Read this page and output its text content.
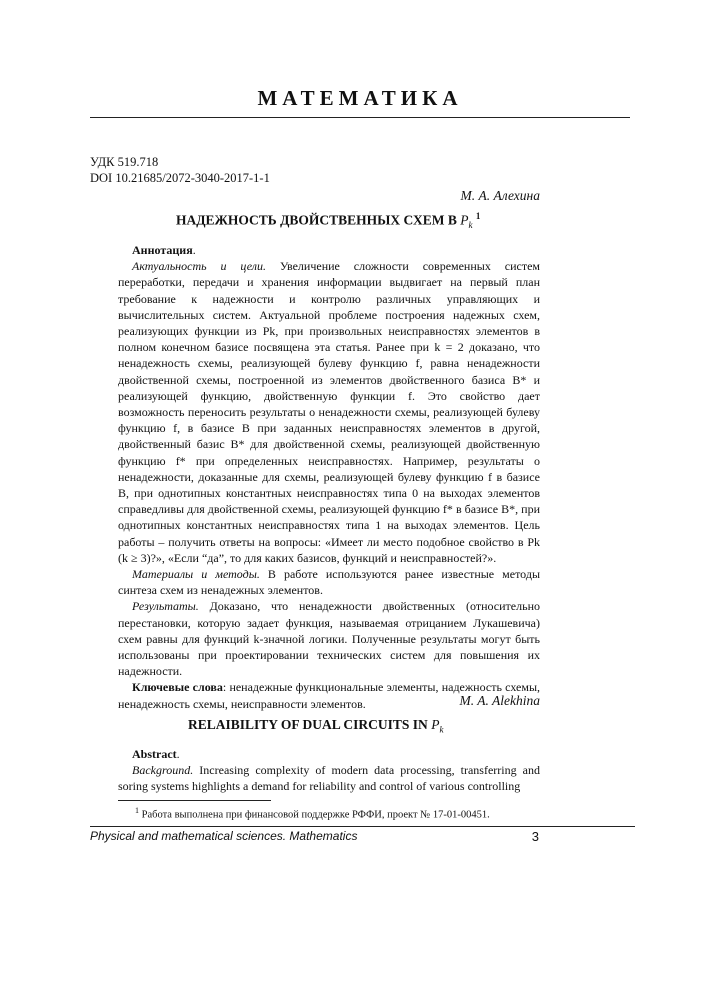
МАТЕМАТИКА
УДК 519.718
DOI 10.21685/2072-3040-2017-1-1
М. А. Алехина
НАДЕЖНОСТЬ ДВОЙСТВЕННЫХ СХЕМ В $P_k$ $^1$

Аннотация.

Актуальность и цели. Увеличение сложности современных систем переработки, передачи и хранения информации выдвигает на первый план требование к надежности и контролю различных управляющих и вычислительных систем. Актуальной проблеме построения надежных схем, реализующих функции из Pk, при произвольных неисправностях элементов в полном конечном базисе посвящена эта статья. Ранее при k = 2 доказано, что ненадежность схемы, реализующей булеву функцию f, равна ненадежности двойственной схемы, построенной из элементов двойственного базиса B* и реализующей функцию, двойственную функции f. Это свойство дает возможность переносить результаты о ненадежности схемы, реализующей булеву функцию f, в базисе B при заданных неисправностях элементов в другой, двойственный базис B* для двойственной схемы, реализующей двойственную функцию f* при определенных неисправностях. Например, результаты о ненадежности, доказанные для схемы, реализующей булеву функцию f в базисе B, при однотипных константных неисправностях типа 0 на выходах элементов справедливы для двойственной схемы, реализующей функцию f* в базисе B*, при однотипных константных неисправностях типа 1 на выходах элементов. Цель работы – получить ответы на вопросы: «Имеет ли место подобное свойство в Pk (k ≥ 3)?», «Если “да”, то для каких базисов, функций и неисправностей?».

Материалы и методы. В работе используются ранее известные методы синтеза схем из ненадежных элементов.

Результаты. Доказано, что ненадежности двойственных (относительно перестановки, которую задает функция, называемая отрицанием Лукашевича) схем равны для функций k-значной логики. Полученные результаты могут быть использованы при проектировании технических систем для повышения их надежности.

Ключевые слова: ненадежные функциональные элементы, надежность схемы, ненадежность схемы, неисправности элементов.	M. A. Alekhina
RELAIBILITY OF DUAL CIRCUITS IN $P_k$

Abstract.

Background. Increasing complexity of modern data processing, transferring and soring systems highlights a demand for reliability and control of various controlling

$^1$ Работа выполнена при финансовой поддержке РФФИ, проект № 17-01-00451.
Physical and mathematical sciences. Mathematics	3
